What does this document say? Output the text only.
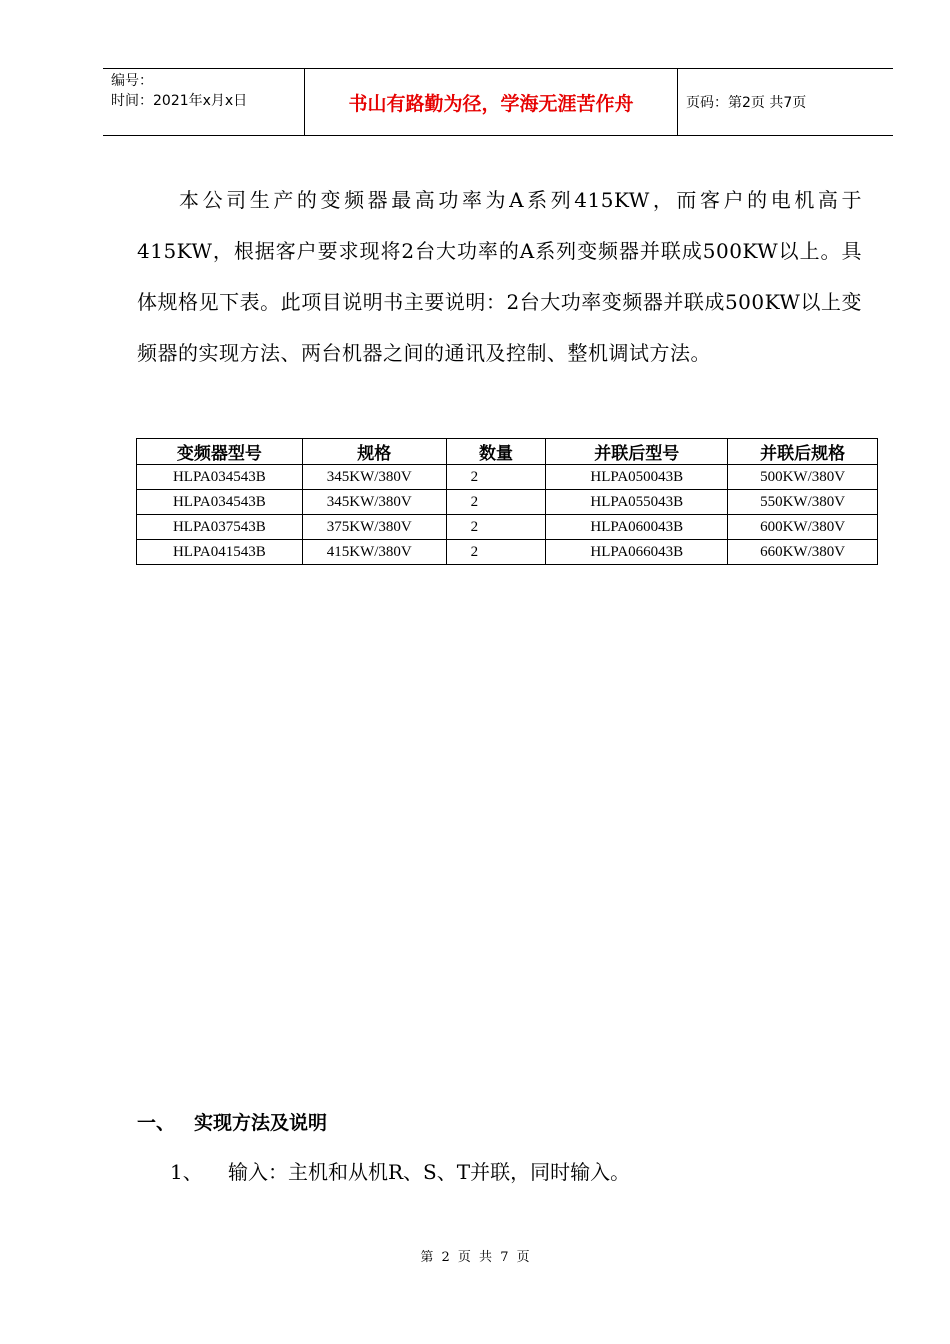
编号：
时间：2021年x月x日	书山有路勤为径，学海无涯苦作舟	页码：第2页 共7页

本公司生产的变频器最高功率为A系列415KW，而客户的电机高于415KW，根据客户要求现将2台大功率的A系列变频器并联成500KW以上。具体规格见下表。此项目说明书主要说明：2台大功率变频器并联成500KW以上变频器的实现方法、两台机器之间的通讯及控制、整机调试方法。

变频器型号	规格	数量	并联后型号	并联后规格
HLPA034543B	345KW/380V	2	HLPA050043B	500KW/380V
HLPA034543B	345KW/380V	2	HLPA055043B	550KW/380V
HLPA037543B	375KW/380V	2	HLPA060043B	600KW/380V
HLPA041543B	415KW/380V	2	HLPA066043B	660KW/380V
一、 实现方法及说明
1、 输入：主机和从机R、S、T并联，同时输入。
第 2 页 共 7 页
